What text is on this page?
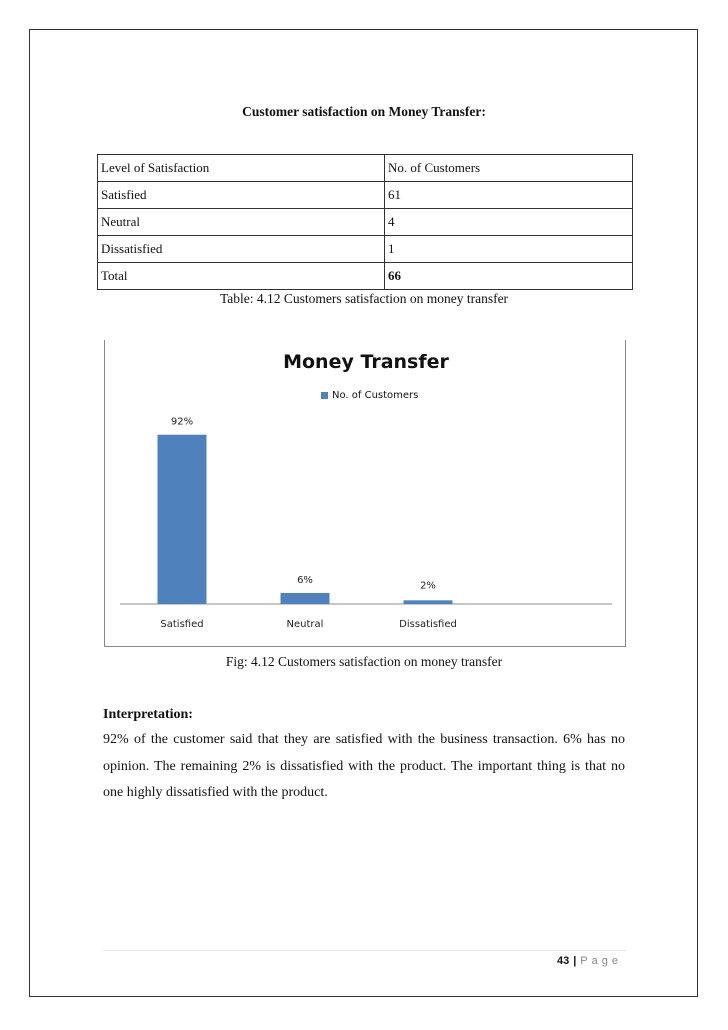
Customer satisfaction on Money Transfer:
Level of Satisfaction	No. of Customers
Satisfied	61
Neutral	4
Dissatisfied	1
Total	66
Table: 4.12 Customers satisfaction on money transfer
Money Transfer
No. of Customers
92%
Satisfied
6%
Neutral
2%
Dissatisfied
Fig: 4.12 Customers satisfaction on money transfer
Interpretation:
92% of the customer said that they are satisfied with the business transaction. 6% has no opinion. The remaining 2% is dissatisfied with the product. The important thing is that no one highly dissatisfied with the product.
43 | Page
